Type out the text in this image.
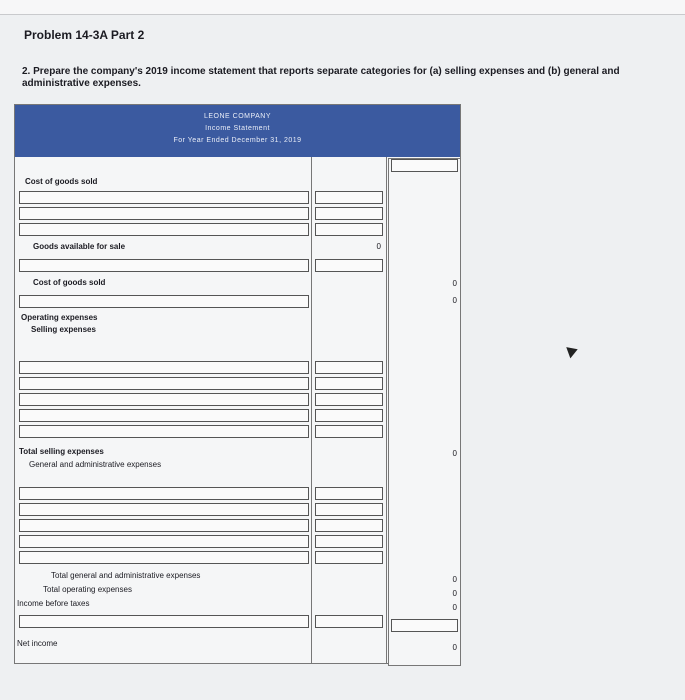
Problem 14-3A Part 2
2. Prepare the company's 2019 income statement that reports separate categories for (a) selling expenses and (b) general and administrative expenses.
LEONE COMPANY
Income Statement
For Year Ended December 31, 2019
Cost of goods sold
Goods available for sale
Cost of goods sold
Operating expenses
Selling expenses
Total selling expenses
General and administrative expenses
Total general and administrative expenses
Total operating expenses
Income before taxes
Net income
0
0
0
0
0
0
0
0
